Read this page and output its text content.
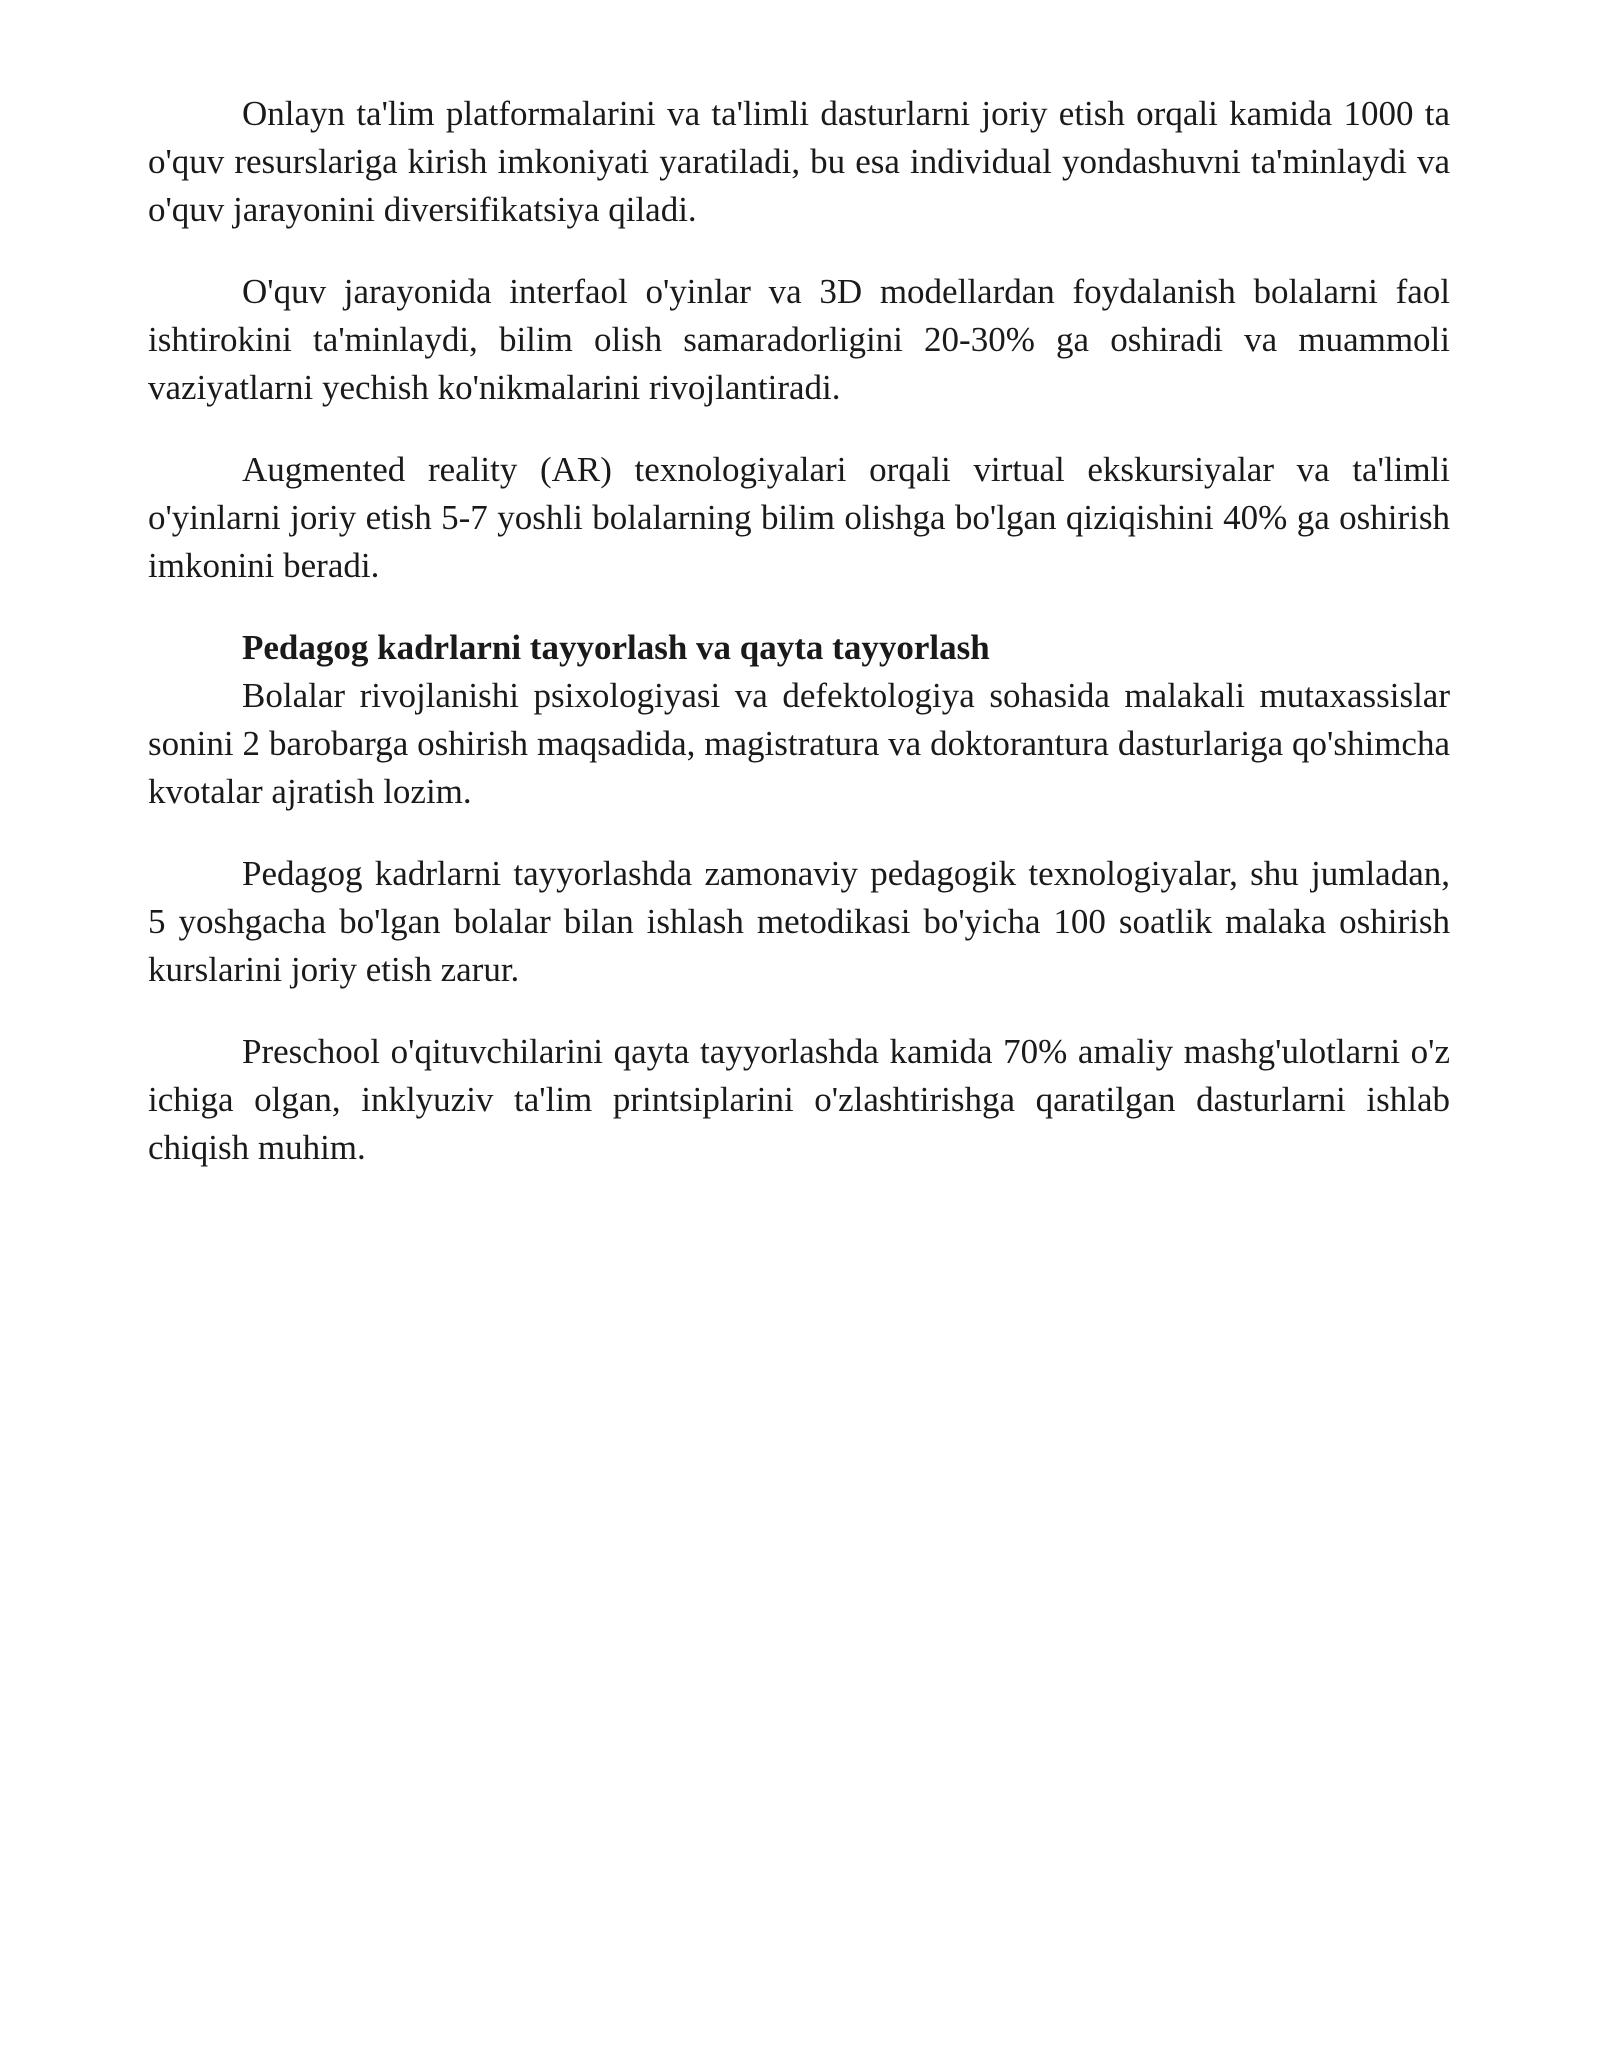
Onlayn ta'lim platformalarini va ta'limli dasturlarni joriy etish orqali kamida 1000 ta o'quv resurslariga kirish imkoniyati yaratiladi, bu esa individual yondashuvni ta'minlaydi va o'quv jarayonini diversifikatsiya qiladi.

O'quv jarayonida interfaol o'yinlar va 3D modellardan foydalanish bolalarni faol ishtirokini ta'minlaydi, bilim olish samaradorligini 20-30% ga oshiradi va muammoli vaziyatlarni yechish ko'nikmalarini rivojlantiradi.

Augmented reality (AR) texnologiyalari orqali virtual ekskursiyalar va ta'limli o'yinlarni joriy etish 5-7 yoshli bolalarning bilim olishga bo'lgan qiziqishini 40% ga oshirish imkonini beradi.

Pedagog kadrlarni tayyorlash va qayta tayyorlash

Bolalar rivojlanishi psixologiyasi va defektologiya sohasida malakali mutaxassislar sonini 2 barobarga oshirish maqsadida, magistratura va doktorantura dasturlariga qo'shimcha kvotalar ajratish lozim.

Pedagog kadrlarni tayyorlashda zamonaviy pedagogik texnologiyalar, shu jumladan, 5 yoshgacha bo'lgan bolalar bilan ishlash metodikasi bo'yicha 100 soatlik malaka oshirish kurslarini joriy etish zarur.

Preschool o'qituvchilarini qayta tayyorlashda kamida 70% amaliy mashg'ulotlarni o'z ichiga olgan, inklyuziv ta'lim printsiplarini o'zlashtirishga qaratilgan dasturlarni ishlab chiqish muhim.
